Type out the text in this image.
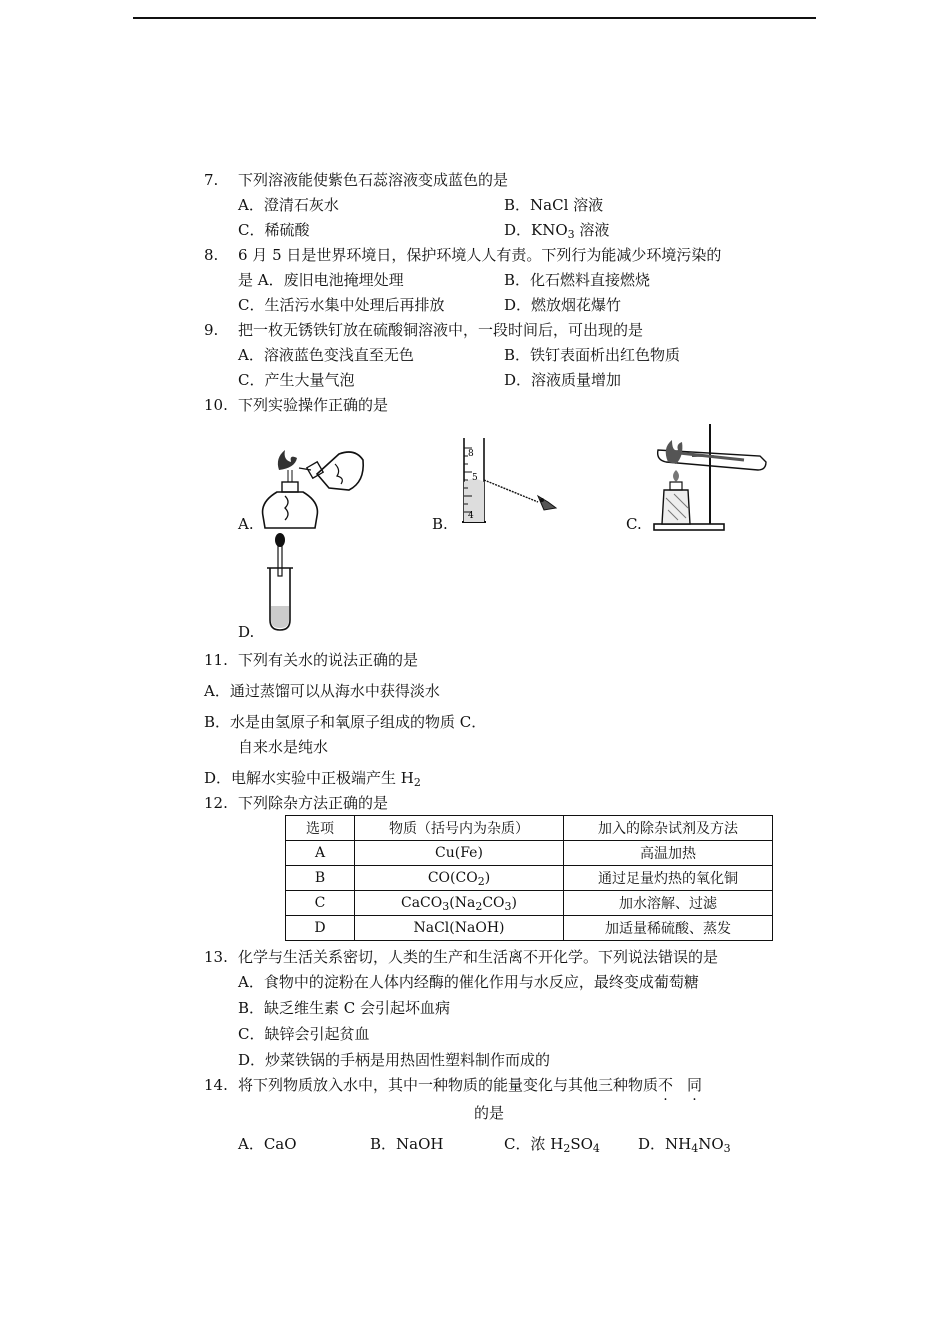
7. 下列溶液能使紫色石蕊溶液变成蓝色的是
A．澄清石灰水	B．NaCl 溶液
C．稀硫酸	D．$KNO_3$ 溶液
8. 6 月 5 日是世界环境日，保护环境人人有责。下列行为能减少环境污染的
是 A．废旧电池掩埋处理	B．化石燃料直接燃烧
C．生活污水集中处理后再排放	D．燃放烟花爆竹
9. 把一枚无锈铁钉放在硫酸铜溶液中，一段时间后，可出现的是
A．溶液蓝色变浅直至无色	B．铁钉表面析出红色物质
C．产生大量气泡	D．溶液质量增加
10. 下列实验操作正确的是
A.	B.
8
5
4	C.
D.
11. 下列有关水的说法正确的是
A．通过蒸馏可以从海水中获得淡水
B．水是由氢原子和氧原子组成的物质 C．
自来水是纯水
D．电解水实验中正极端产生 $H_2$
12. 下列除杂方法正确的是
选项	物质（括号内为杂质）	加入的除杂试剂及方法
A	Cu(Fe)	高温加热
B	$CO(CO_2)$	通过足量灼热的氧化铜
C	$CaCO_3(Na_2CO_3)$	加水溶解、过滤
D	NaCl(NaOH)	加适量稀硫酸、蒸发
13. 化学与生活关系密切，人类的生产和生活离不开化学。下列说法错误的是
A．食物中的淀粉在人体内经酶的催化作用与水反应，最终变成葡萄糖
B．缺乏维生素 C 会引起坏血病
C．缺锌会引起贫血
D．炒菜铁锅的手柄是用热固性塑料制作而成的
14. 将下列物质放入水中，其中一种物质的能量变化与其他三种物质不 同
的是
A．CaO	B．NaOH	C．浓 $H_2SO_4$	D．$NH_4NO_3$
